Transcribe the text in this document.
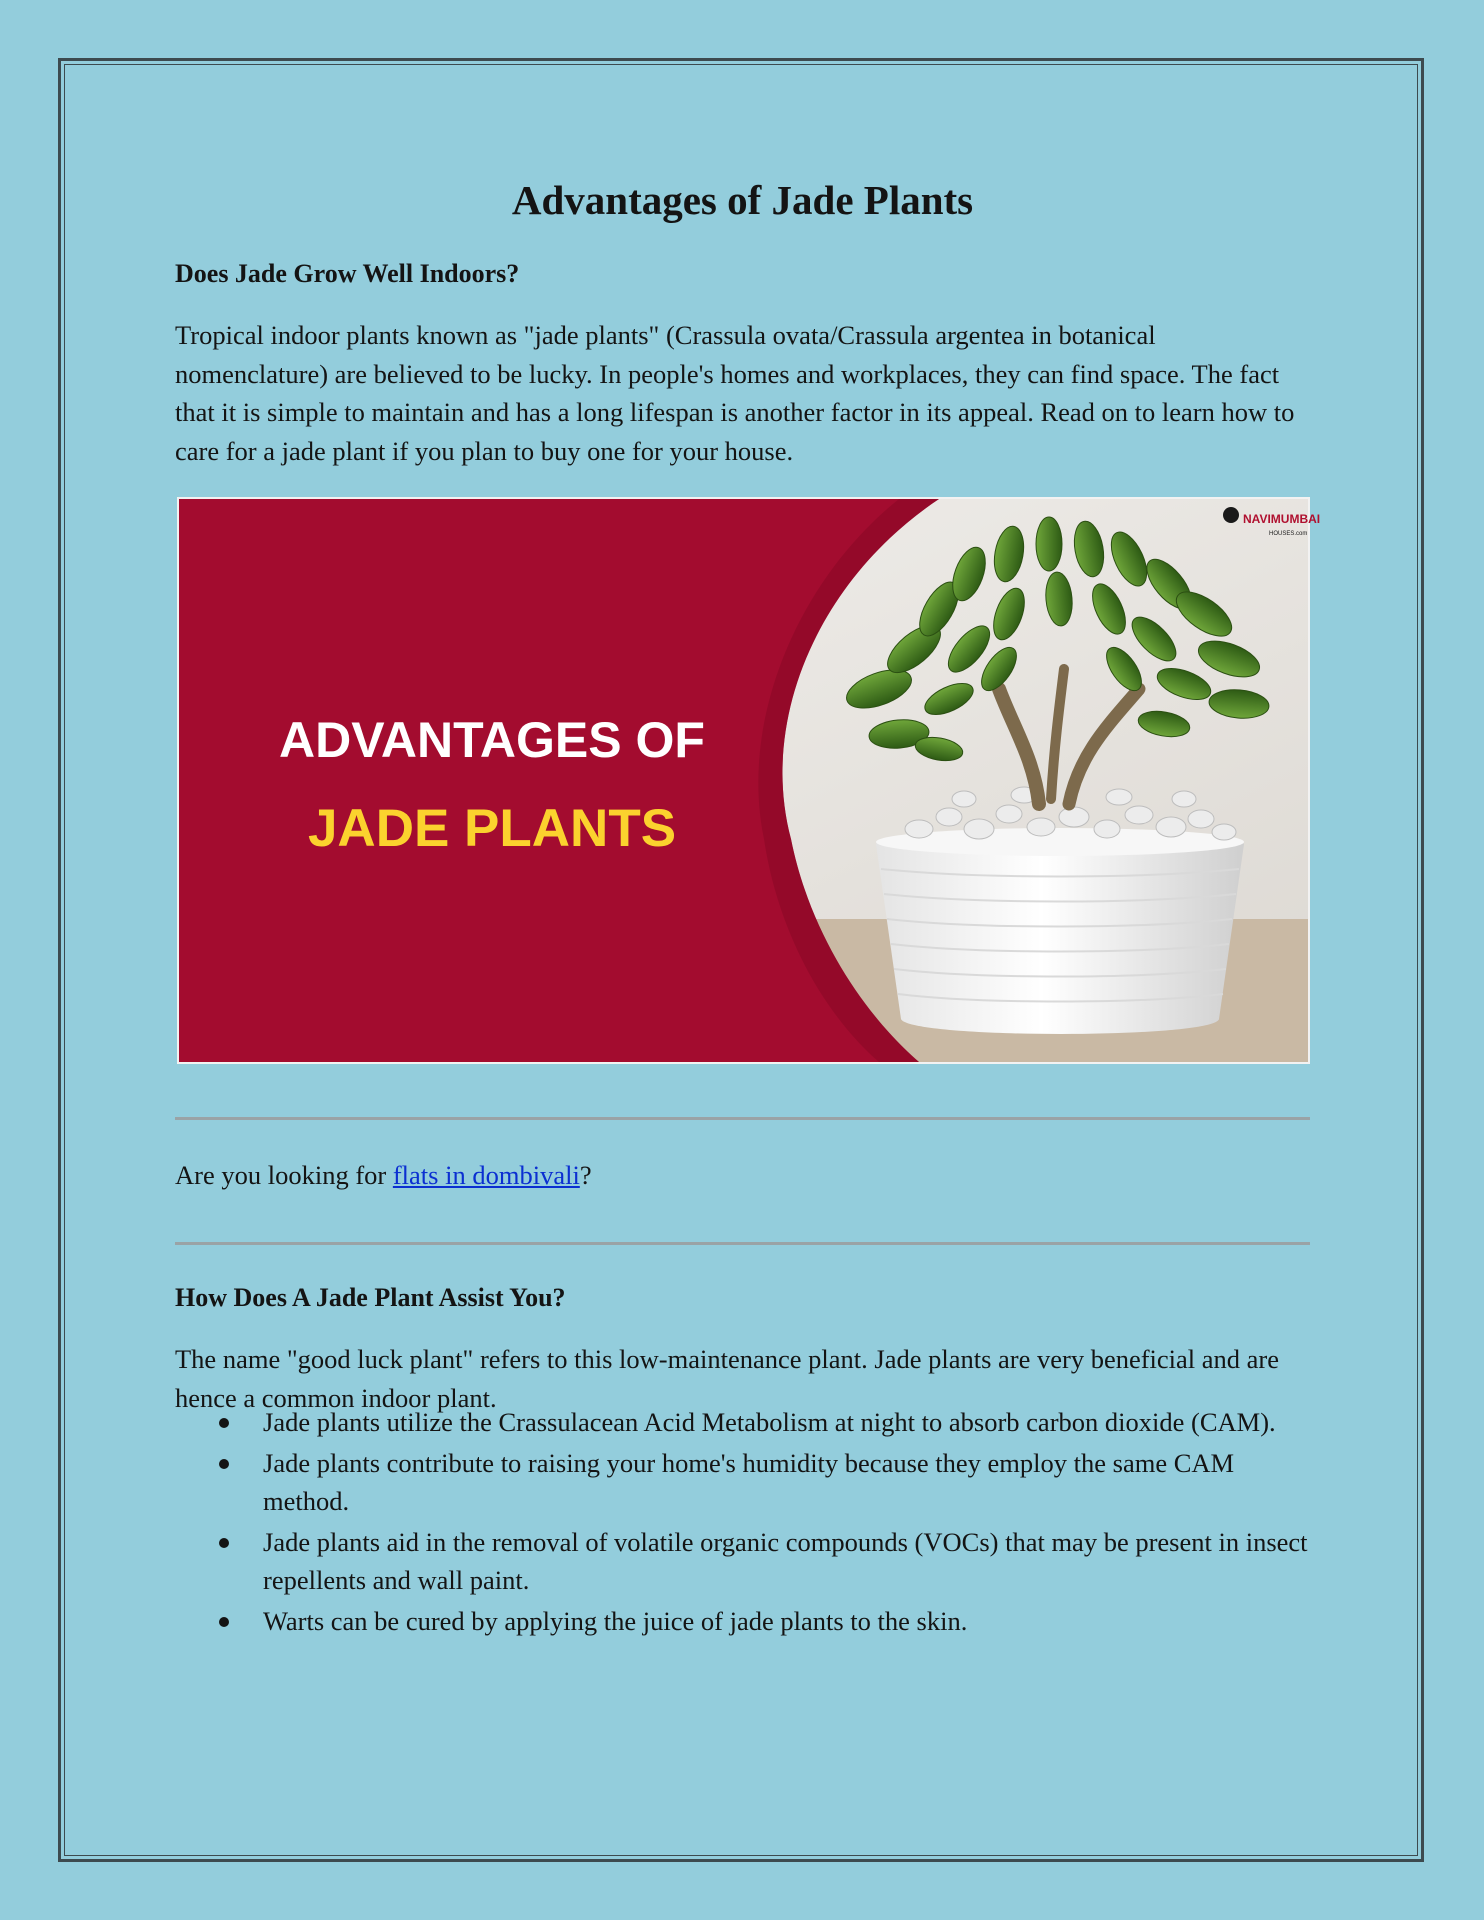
Advantages of Jade Plants
Does Jade Grow Well Indoors?

Tropical indoor plants known as "jade plants" (Crassula ovata/Crassula argentea in botanical nomenclature) are believed to be lucky. In people's homes and workplaces, they can find space. The fact that it is simple to maintain and has a long lifespan is another factor in its appeal. Read on to learn how to care for a jade plant if you plan to buy one for your house.

ADVANTAGES OF
JADE PLANTS
NAVIMUMBAI
HOUSES.com

Are you looking for flats in dombivali?

How Does A Jade Plant Assist You?

The name "good luck plant" refers to this low-maintenance plant. Jade plants are very beneficial and are hence a common indoor plant.

Jade plants utilize the Crassulacean Acid Metabolism at night to absorb carbon dioxide (CAM).
Jade plants contribute to raising your home's humidity because they employ the same CAM method.
Jade plants aid in the removal of volatile organic compounds (VOCs) that may be present in insect repellents and wall paint.
Warts can be cured by applying the juice of jade plants to the skin.
